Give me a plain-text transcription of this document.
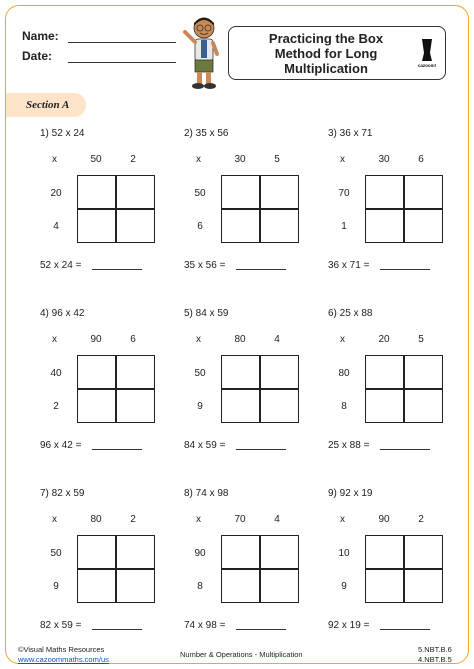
Name:
Date:
Practicing the Box
Method for Long
Multiplication	cazoom!
Section A
1) 52 x 24
x	50	2
20
4
52 x 24 =
2) 35 x 56
x	30	5
50
6
35 x 56 =
3) 36 x 71
x	30	6
70
1
36 x 71 =
4) 96 x 42
x	90	6
40
2
96 x 42 =
5) 84 x 59
x	80	4
50
9
84 x 59 =
6) 25 x 88
x	20	5
80
8
25 x 88 =
7) 82 x 59
x	80	2
50
9
82 x 59 =
8) 74 x 98
x	70	4
90
8
74 x 98 =
9) 92 x 19
x	90	2
10
9
92 x 19 =
©Visual Maths Resources
www.cazoommaths.com/us
Number & Operations - Multiplication
5.NBT.B.6
4.NBT.B.5
